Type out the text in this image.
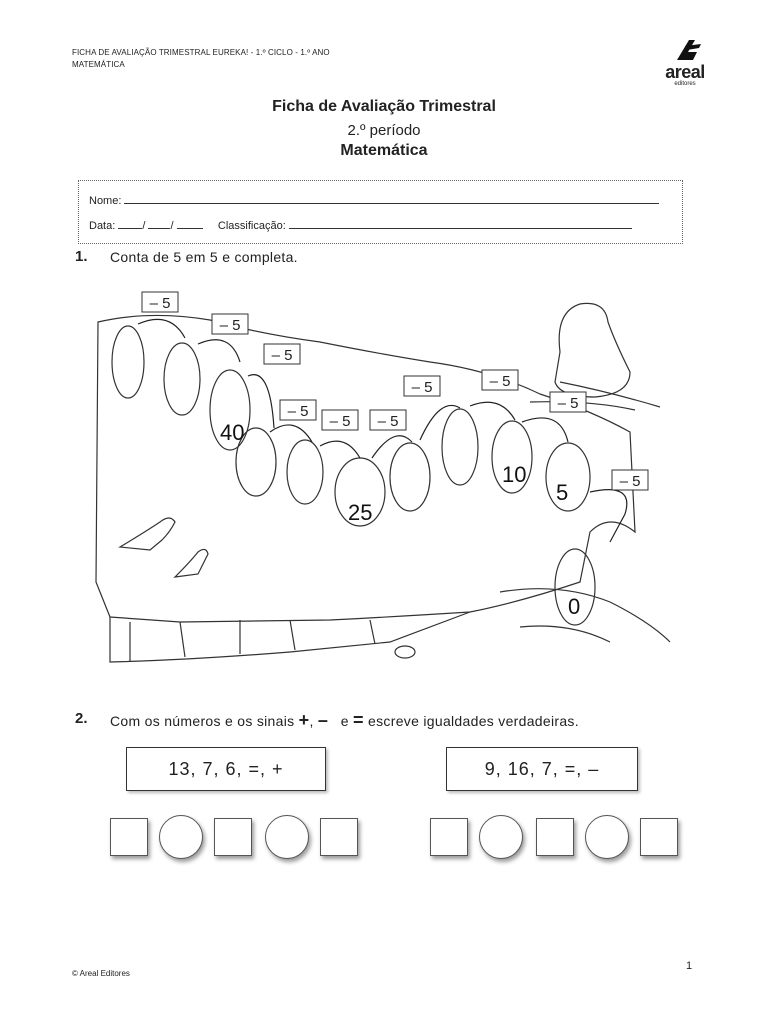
FICHA DE AVALIAÇÃO TRIMESTRAL EUREKA! - 1.º CICLO - 1.º ANO
MATEMÁTICA	areal
editores
Ficha de Avaliação Trimestral
2.º período
Matemática
Nome:
Data: / /	Classificação:
1. Conta de 5 em 5 e completa.
– 5
– 5
– 5
– 5
– 5 – 5
– 5	– 5
– 5
– 5
40
25
10
5
0
2. Com os números e os sinais +, – e = escreve igualdades verdadeiras.
13, 7, 6, =, +	9, 16, 7, =, –
© Areal Editores
1
